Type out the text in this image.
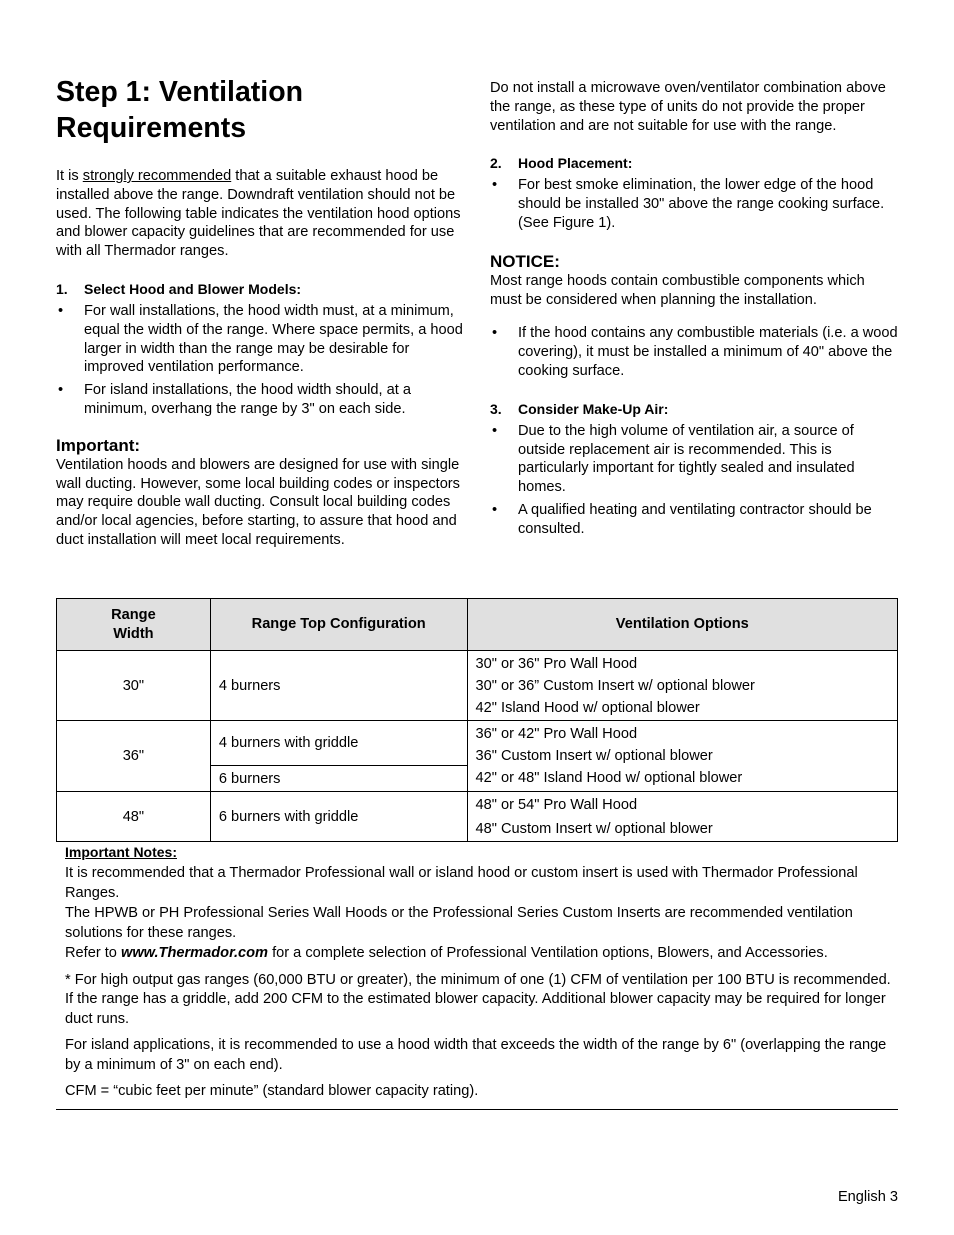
Step 1: Ventilation
Requirements

It is strongly recommended that a suitable exhaust hood be installed above the range. Downdraft ventilation should not be used. The following table indicates the ventilation hood options and blower capacity guidelines that are recommended for use with all Thermador ranges.

1.	Select Hood and Blower Models:
• For wall installations, the hood width must, at a minimum, equal the width of the range. Where space permits, a hood larger in width than the range may be desirable for improved ventilation performance.
• For island installations, the hood width should, at a minimum, overhang the range by 3" on each side.
Important:

Ventilation hoods and blowers are designed for use with single wall ducting. However, some local building codes or inspectors may require double wall ducting. Consult local building codes and/or local agencies, before starting, to assure that hood and duct installation will meet local requirements.

Do not install a microwave oven/ventilator combination above the range, as these type of units do not provide the proper ventilation and are not suitable for use with the range.

2.	Hood Placement:
• For best smoke elimination, the lower edge of the hood should be installed 30" above the range cooking surface. (See Figure 1).
NOTICE:

Most range hoods contain combustible components which must be considered when planning the installation.

• If the hood contains any combustible materials (i.e. a wood covering), it must be installed a minimum of 40" above the cooking surface.
3.	Consider Make-Up Air:
• Due to the high volume of ventilation air, a source of outside replacement air is recommended. This is particularly important for tightly sealed and insulated homes.
• A qualified heating and ventilating contractor should be consulted.
Range
Width	Range Top Configuration	Ventilation Options
30"	4 burners	30" or 36" Pro Wall Hood
30" or 36” Custom Insert w/ optional blower
42" Island Hood w/ optional blower

36"	4 burners with griddle	36" or 42" Pro Wall Hood
36" Custom Insert w/ optional blower
42" or 48" Island Hood w/ optional blower

	6 burners	
48"	6 burners with griddle	48" or 54" Pro Wall Hood
48" Custom Insert w/ optional blower

Important Notes:

It is recommended that a Thermador Professional wall or island hood or custom insert is used with Thermador Professional Ranges.

The HPWB or PH Professional Series Wall Hoods or the Professional Series Custom Inserts are recommended ventilation solutions for these ranges.

Refer to www.Thermador.com for a complete selection of Professional Ventilation options, Blowers, and Accessories.

* For high output gas ranges (60,000 BTU or greater), the minimum of one (1) CFM of ventilation per 100 BTU is recommended. If the range has a griddle, add 200 CFM to the estimated blower capacity. Additional blower capacity may be required for longer duct runs.

For island applications, it is recommended to use a hood width that exceeds the width of the range by 6" (overlapping the range by a minimum of 3" on each end).

CFM = “cubic feet per minute” (standard blower capacity rating).

English 3
